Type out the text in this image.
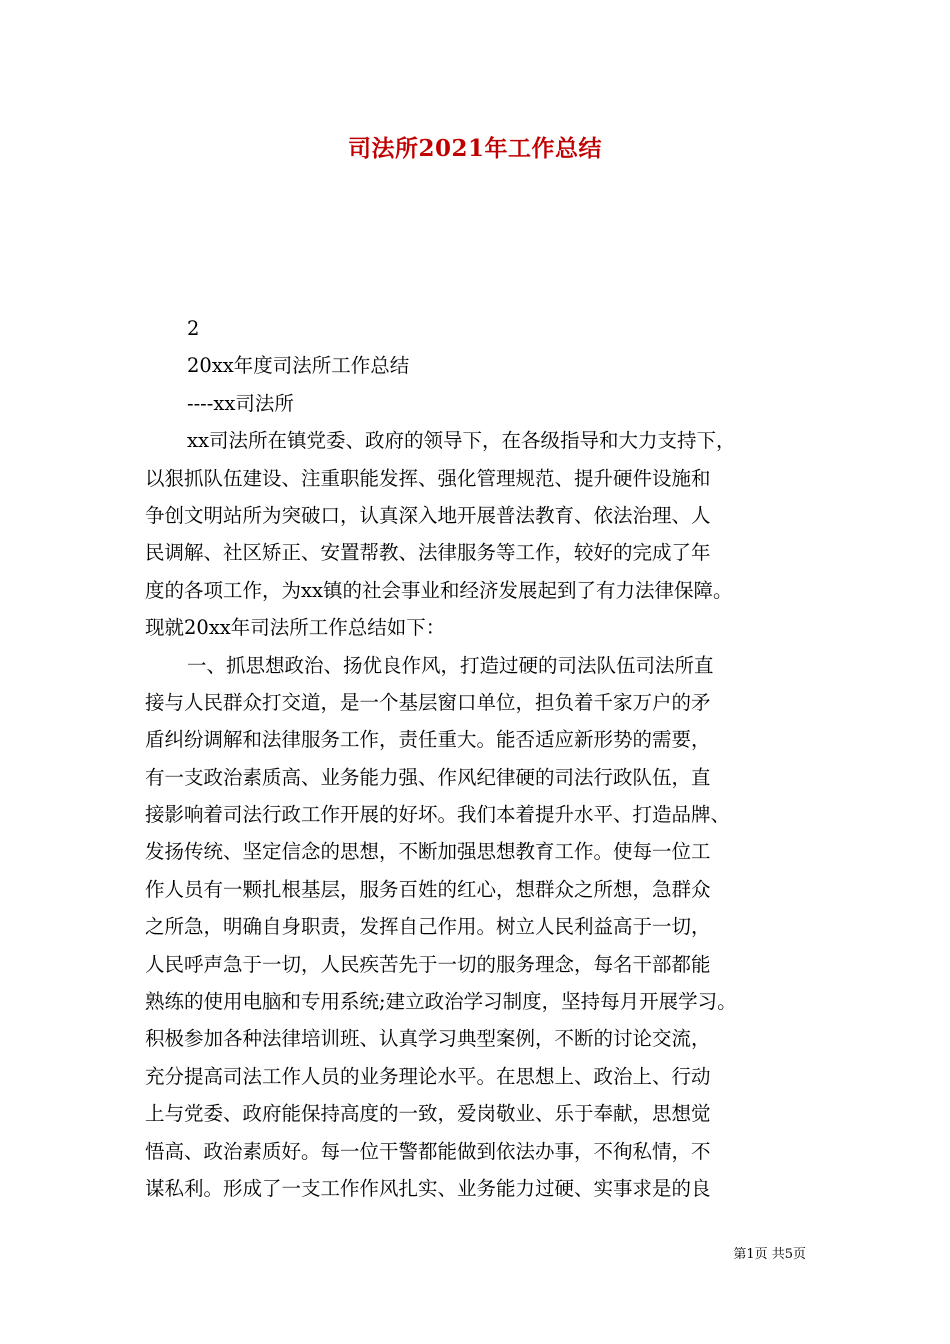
司法所2021年工作总结
2
20xx年度司法所工作总结
----xx司法所
xx司法所在镇党委、政府的领导下，在各级指导和大力支持下，
以狠抓队伍建设、注重职能发挥、强化管理规范、提升硬件设施和
争创文明站所为突破口，认真深入地开展普法教育、依法治理、人
民调解、社区矫正、安置帮教、法律服务等工作，较好的完成了年
度的各项工作，为xx镇的社会事业和经济发展起到了有力法律保障。
现就20xx年司法所工作总结如下：
一、抓思想政治、扬优良作风，打造过硬的司法队伍司法所直
接与人民群众打交道，是一个基层窗口单位，担负着千家万户的矛
盾纠纷调解和法律服务工作，责任重大。能否适应新形势的需要，
有一支政治素质高、业务能力强、作风纪律硬的司法行政队伍，直
接影响着司法行政工作开展的好坏。我们本着提升水平、打造品牌、
发扬传统、坚定信念的思想，不断加强思想教育工作。使每一位工
作人员有一颗扎根基层，服务百姓的红心，想群众之所想，急群众
之所急，明确自身职责，发挥自己作用。树立人民利益高于一切，
人民呼声急于一切，人民疾苦先于一切的服务理念，每名干部都能
熟练的使用电脑和专用系统;建立政治学习制度，坚持每月开展学习。
积极参加各种法律培训班、认真学习典型案例，不断的讨论交流，
充分提高司法工作人员的业务理论水平。在思想上、政治上、行动
上与党委、政府能保持高度的一致，爱岗敬业、乐于奉献，思想觉
悟高、政治素质好。每一位干警都能做到依法办事，不徇私情，不
谋私利。形成了一支工作作风扎实、业务能力过硬、实事求是的良
第1页 共5页
